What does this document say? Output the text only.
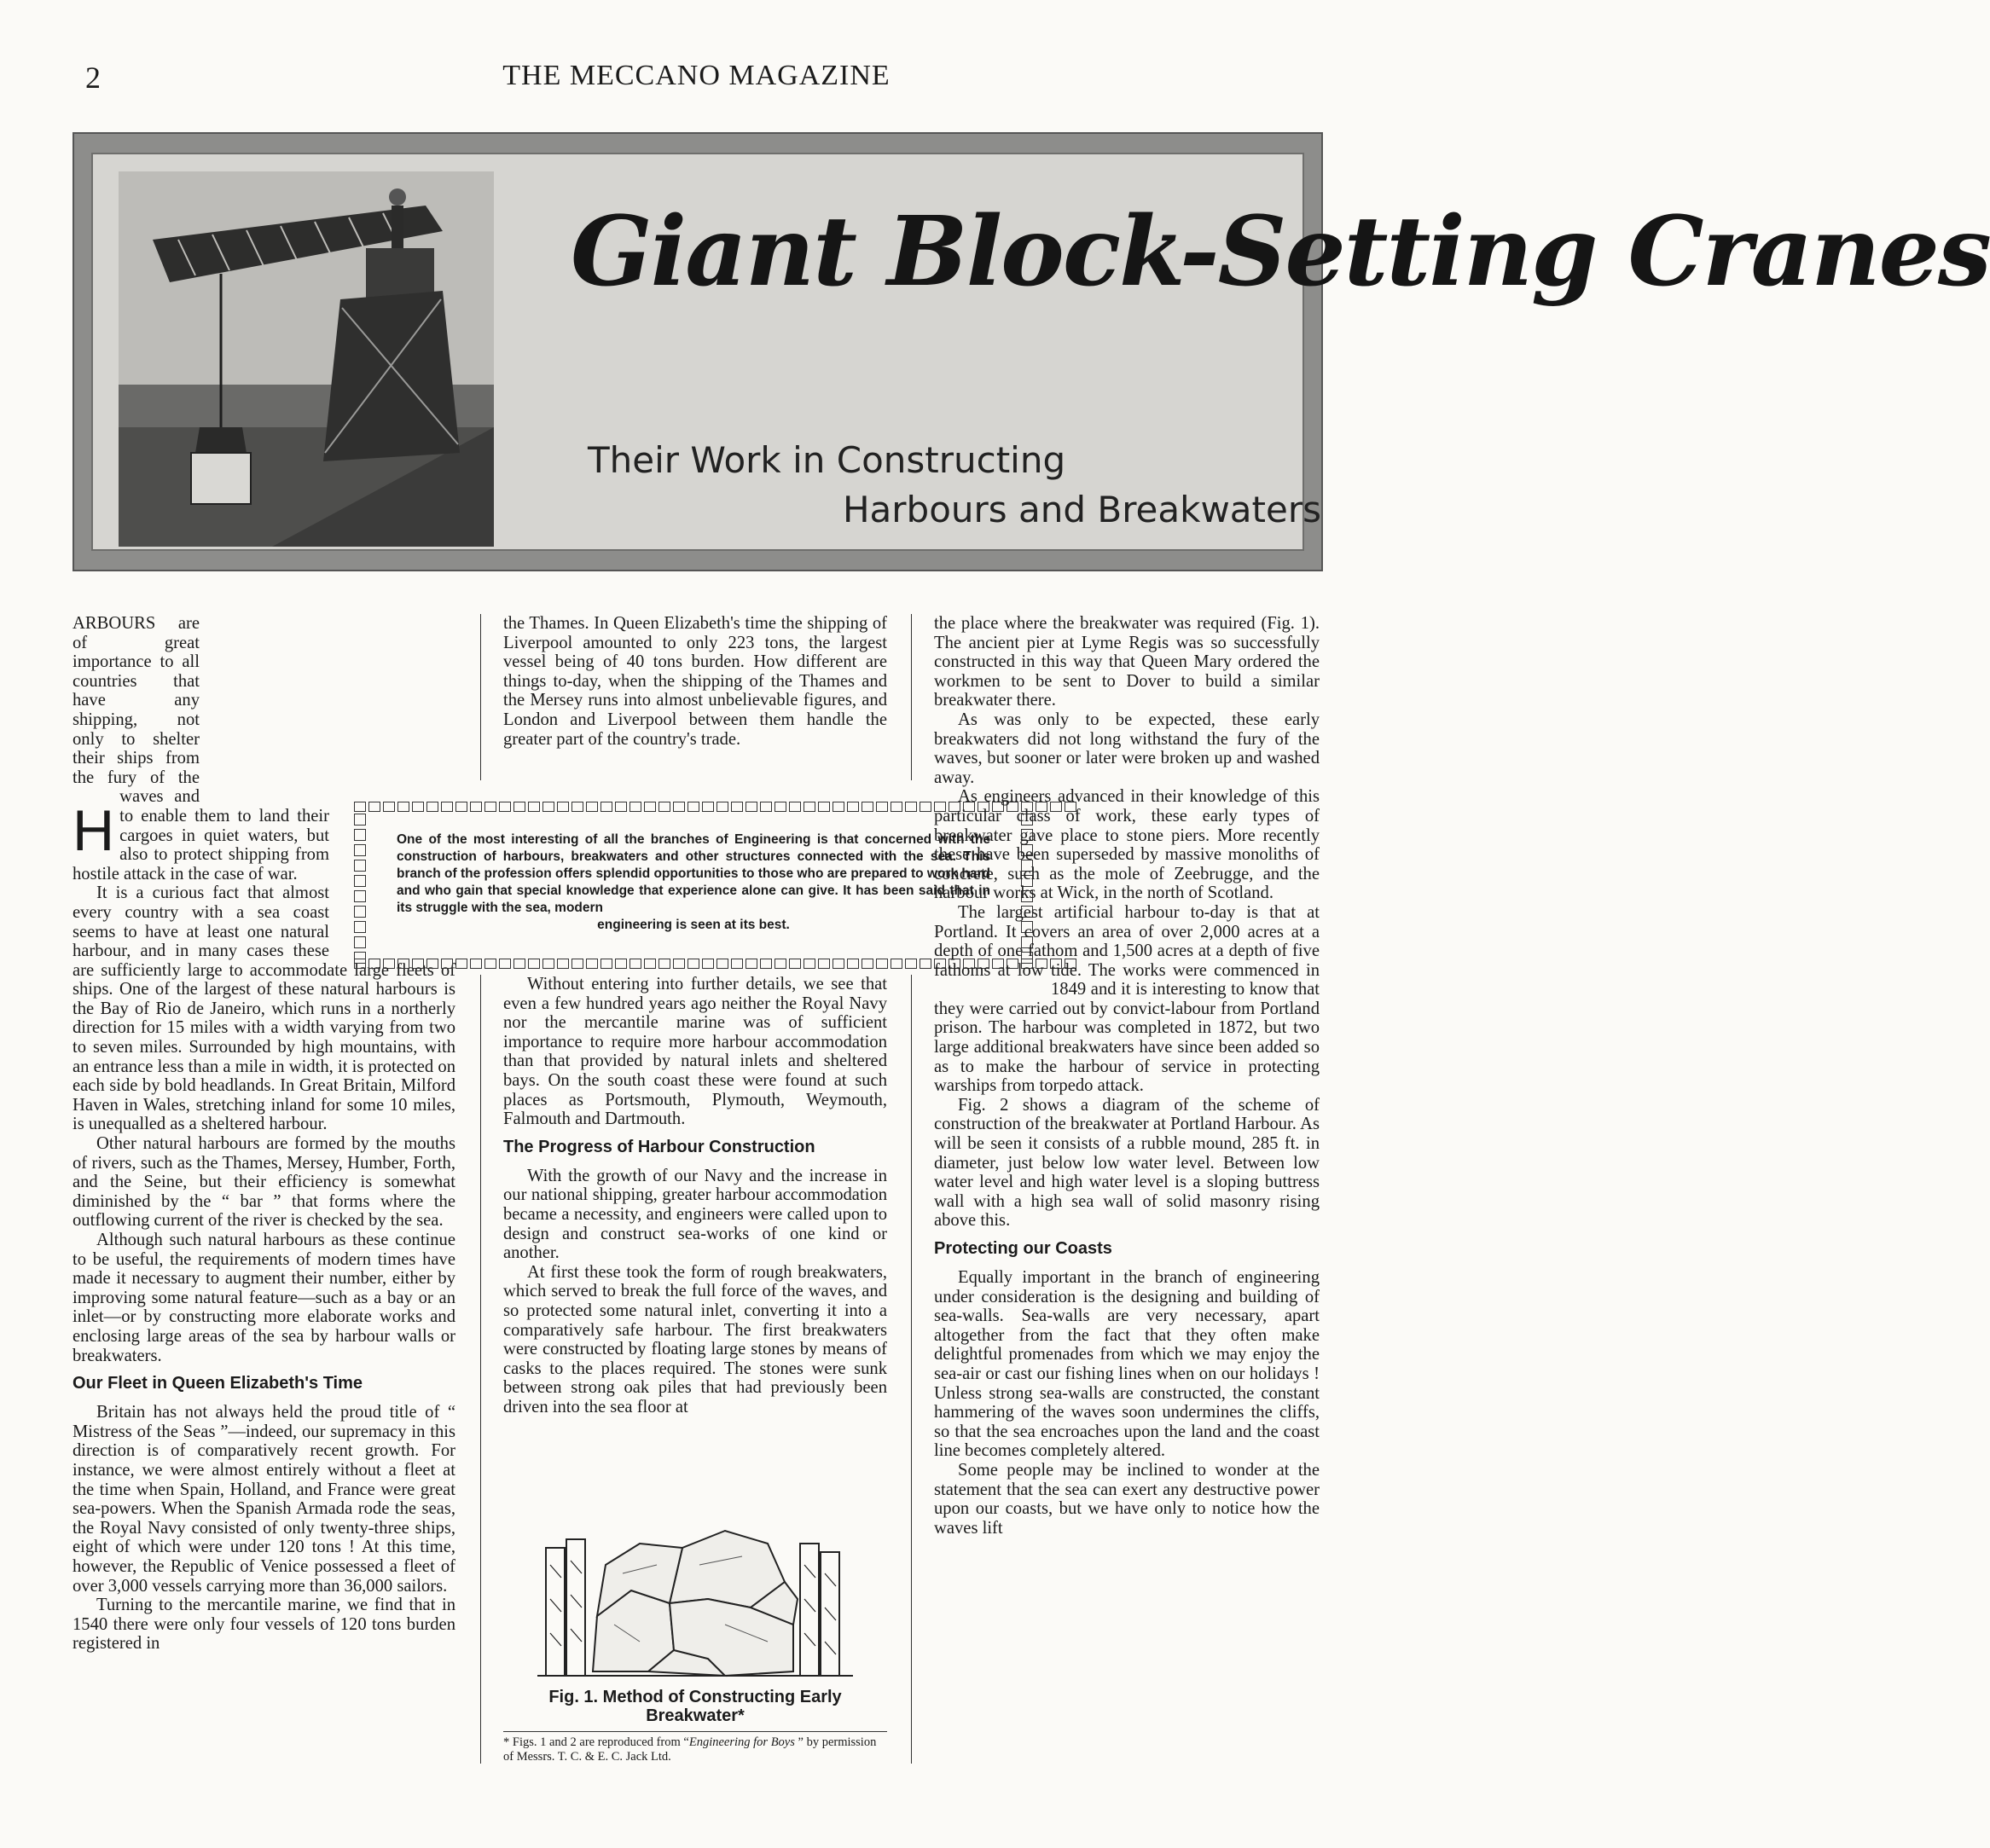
2	THE MECCANO MAGAZINE
Giant Block-Setting Cranes
Their Work in Constructing
Harbours and Breakwaters

H
ARBOURS are of great importance to all countries that have any shipping, not only to shelter their ships from the fury of the waves and to enable them to land their cargoes in quiet waters, but also to protect shipping from hostile attack in the case of war.

It is a curious fact that almost every country with a sea coast seems to have at least one natural harbour, and in many cases these are sufficiently large to accommodate large fleets of ships. One of the largest of these natural harbours is the Bay of Rio de Janeiro, which runs in a northerly direction for 15 miles with a width varying from two to seven miles. Surrounded by high mountains, with an entrance less than a mile in width, it is protected on each side by bold headlands. In Great Britain, Milford Haven in Wales, stretching inland for some 10 miles, is unequalled as a sheltered harbour.

Other natural harbours are formed by the mouths of rivers, such as the Thames, Mersey, Humber, Forth, and the Seine, but their efficiency is somewhat diminished by the “ bar ” that forms where the outflowing current of the river is checked by the sea.

Although such natural harbours as these continue to be useful, the requirements of modern times have made it necessary to augment their number, either by improving some natural feature—such as a bay or an inlet—or by constructing more elaborate works and enclosing large areas of the sea by harbour walls or breakwaters.

Our Fleet in Queen Elizabeth's Time

Britain has not always held the proud title of “ Mistress of the Seas ”—indeed, our supremacy in this direction is of comparatively recent growth. For instance, we were almost entirely without a fleet at the time when Spain, Holland, and France were great sea-powers. When the Spanish Armada rode the seas, the Royal Navy consisted of only twenty-three ships, eight of which were under 120 tons ! At this time, however, the Republic of Venice possessed a fleet of over 3,000 vessels carrying more than 36,000 sailors.

Turning to the mercantile marine, we find that in 1540 there were only four vessels of 120 tons burden registered in

the Thames. In Queen Elizabeth's time the shipping of Liverpool amounted to only 223 tons, the largest vessel being of 40 tons burden. How different are things to-day, when the shipping of the Thames and the Mersey runs into almost unbelievable figures, and London and Liverpool between them handle the greater part of the country's trade.

One of the most interesting of all the branches of Engineering is that concerned with the construction of harbours, breakwaters and other structures connected with the sea. This branch of the profession offers splendid opportunities to those who are prepared to work hard and who gain that special knowledge that experience alone can give. It has been said that in its struggle with the sea, modern
engineering is seen at its best.

Without entering into further details, we see that even a few hundred years ago neither the Royal Navy nor the mercantile marine was of sufficient importance to require more harbour accommodation than that provided by natural inlets and sheltered bays. On the south coast these were found at such places as Portsmouth, Plymouth, Weymouth, Falmouth and Dartmouth.

The Progress of Harbour Construction

With the growth of our Navy and the increase in our national shipping, greater harbour accommodation became a necessity, and engineers were called upon to design and construct sea-works of one kind or another.

At first these took the form of rough breakwaters, which served to break the full force of the waves, and so protected some natural inlet, converting it into a comparatively safe harbour. The first breakwaters were constructed by floating large stones by means of casks to the places required. The stones were sunk between strong oak piles that had previously been driven into the sea floor at

Fig. 1. Method of Constructing Early
Breakwater*
* Figs. 1 and 2 are reproduced from “Engineering for Boys ” by permission of Messrs. T. C. & E. C. Jack Ltd.

the place where the breakwater was required (Fig. 1). The ancient pier at Lyme Regis was so successfully constructed in this way that Queen Mary ordered the workmen to be sent to Dover to build a similar breakwater there.

As was only to be expected, these early breakwaters did not long withstand the fury of the waves, but sooner or later were broken up and washed away.

As engineers advanced in their knowledge of this particular class of work, these early types of breakwater gave place to stone piers. More recently these have been superseded by massive monoliths of concrete, such as the mole of Zeebrugge, and the harbour works at Wick, in the north of Scotland.

The largest artificial harbour to-day is that at Portland. It covers an area of over 2,000 acres at a depth of one fathom and 1,500 acres at a depth of five fathoms at low tide. The works were commenced in 1849 and it is interesting to know that they were carried out by convict-labour from Portland prison. The harbour was completed in 1872, but two large additional breakwaters have since been added so as to make the harbour of service in protecting warships from torpedo attack.

Fig. 2 shows a diagram of the scheme of construction of the breakwater at Portland Harbour. As will be seen it consists of a rubble mound, 285 ft. in diameter, just below low water level. Between low water level and high water level is a sloping buttress wall with a high sea wall of solid masonry rising above this.

Protecting our Coasts

Equally important in the branch of engineering under consideration is the designing and building of sea-walls. Sea-walls are very necessary, apart altogether from the fact that they often make delightful promenades from which we may enjoy the sea-air or cast our fishing lines when on our holidays ! Unless strong sea-walls are constructed, the constant hammering of the waves soon undermines the cliffs, so that the sea encroaches upon the land and the coast line becomes completely altered.

Some people may be inclined to wonder at the statement that the sea can exert any destructive power upon our coasts, but we have only to notice how the waves lift
